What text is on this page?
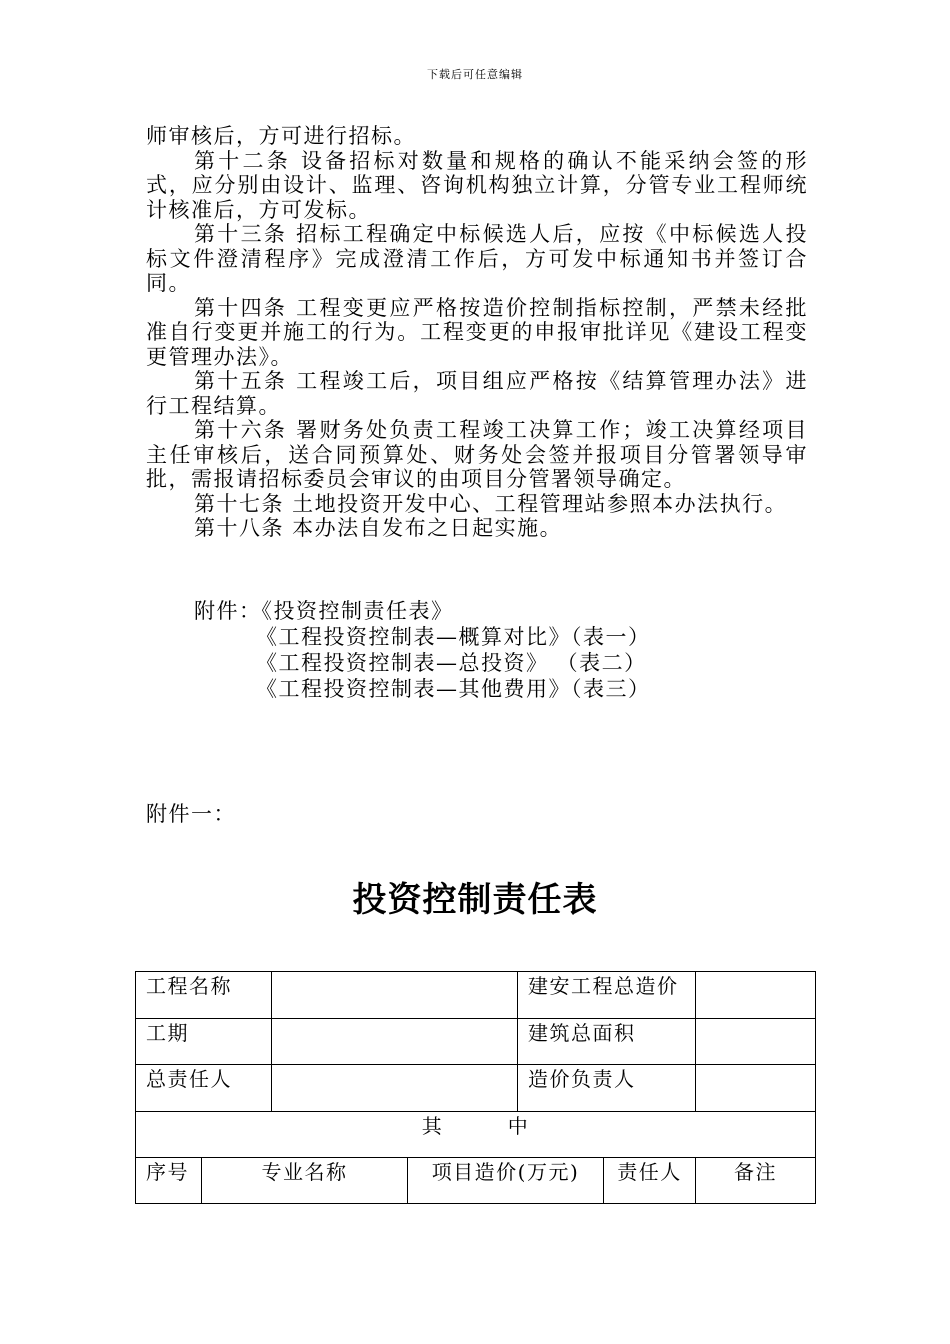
下载后可任意编辑

师审核后，方可进行招标。

第十二条 设备招标对数量和规格的确认不能采纳会签的形式，应分别由设计、监理、咨询机构独立计算，分管专业工程师统计核准后，方可发标。

第十三条 招标工程确定中标候选人后，应按《中标候选人投标文件澄清程序》完成澄清工作后，方可发中标通知书并签订合同。

第十四条 工程变更应严格按造价控制指标控制，严禁未经批准自行变更并施工的行为。工程变更的申报审批详见《建设工程变更管理办法》。

第十五条 工程竣工后，项目组应严格按《结算管理办法》进行工程结算。

第十六条 署财务处负责工程竣工决算工作；竣工决算经项目主任审核后，送合同预算处、财务处会签并报项目分管署领导审批，需报请招标委员会审议的由项目分管署领导确定。

第十七条 土地投资开发中心、工程管理站参照本办法执行。

第十八条 本办法自发布之日起实施。

附件：《投资控制责任表》
《工程投资控制表—概算对比》（表一）
《工程投资控制表—总投资》 （表二）
《工程投资控制表—其他费用》（表三）
附件一：
投资控制责任表
工程名称				建安工程总造价		
工期				建筑总面积		
总责任人				造价负责人		
其　　　中						
序号	专业名称		项目造价(万元)		责任人	备注
